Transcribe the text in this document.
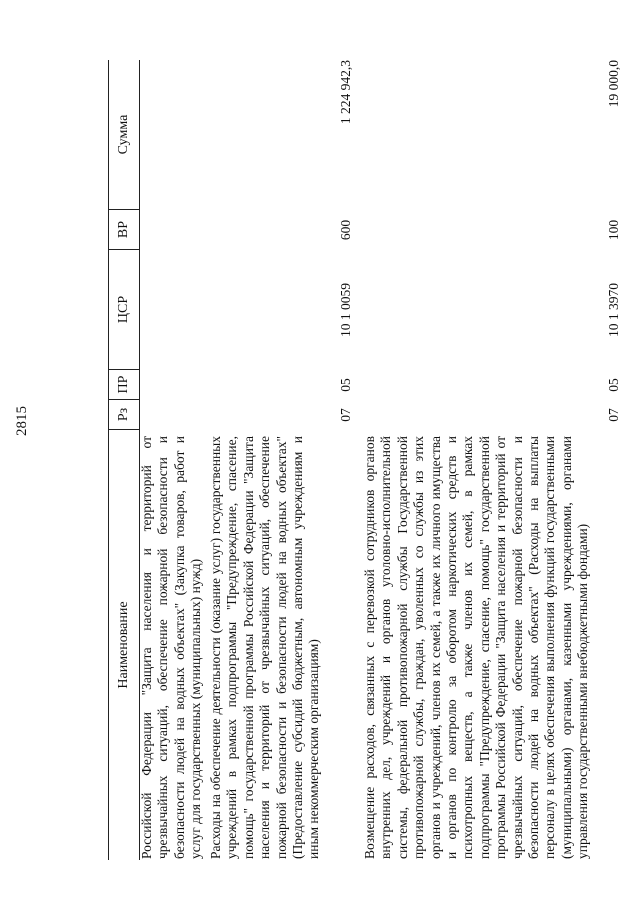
2815
Наименование
Рз
ПР
ЦСР
ВР
Сумма
Российской Федерации "Защита населения и территорий от чрезвычайных ситуаций, обеспечение пожарной безопасности и безопасности людей на водных объектах" (Закупка товаров, работ и услуг для государственных (муниципальных) нужд) Расходы на обеспечение деятельности (оказание услуг) государственных учреждений в рамках подпрограммы "Предупреждение, спасение, помощь" государственной программы Российской Федерации "Защита населения и территорий от чрезвычайных ситуаций, обеспечение пожарной безопасности и безопасности людей на водных объектах" (Предоставление субсидий бюджетным, автономным учреждениям и иным некоммерческим организациям)
07
05
10 1 0059
600
1 224 942,3
Возмещение расходов, связанных с перевозкой сотрудников органов внутренних дел, учреждений и органов уголовно-исполнительной системы, федеральной противопожарной службы Государственной противопожарной службы, граждан, уволенных со службы из этих органов и учреждений, членов их семей, а также их личного имущества и органов по контролю за оборотом наркотических средств и психотропных веществ, а также членов их семей, в рамках подпрограммы "Предупреждение, спасение, помощь" государственной программы Российской Федерации "Защита населения и территорий от чрезвычайных ситуаций, обеспечение пожарной безопасности и безопасности людей на водных объектах" (Расходы на выплаты персоналу в целях обеспечения выполнения функций государственными (муниципальными) органами, казенными учреждениями, органами управления государственными внебюджетными фондами)
07
05
10 1 3970
100
19 000,0
